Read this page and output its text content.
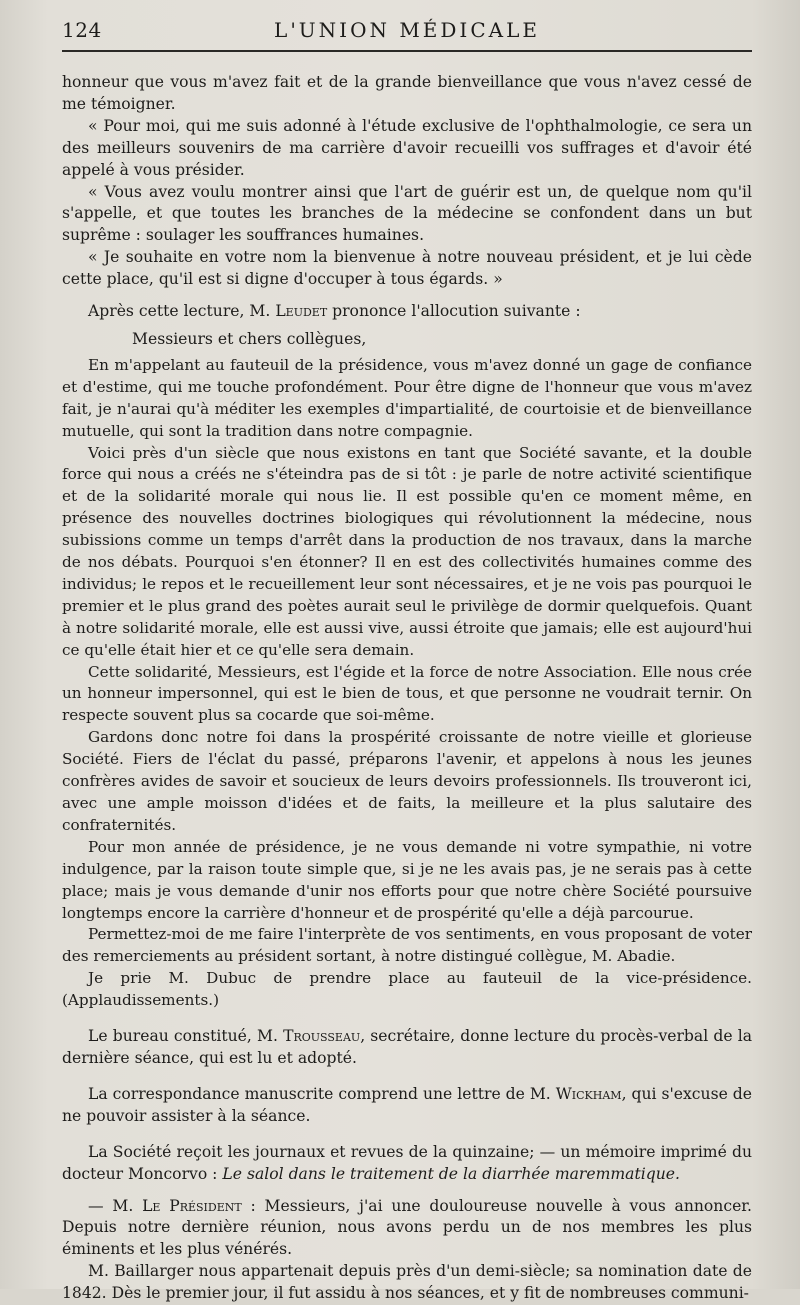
124	L'UNION MÉDICALE

honneur que vous m'avez fait et de la grande bienveillance que vous n'avez cessé de me témoigner.

« Pour moi, qui me suis adonné à l'étude exclusive de l'ophthalmologie, ce sera un des meilleurs souvenirs de ma carrière d'avoir recueilli vos suffrages et d'avoir été appelé à vous présider.

« Vous avez voulu montrer ainsi que l'art de guérir est un, de quelque nom qu'il s'appelle, et que toutes les branches de la médecine se confondent dans un but suprême : soulager les souffrances humaines.

« Je souhaite en votre nom la bienvenue à notre nouveau président, et je lui cède cette place, qu'il est si digne d'occuper à tous égards. »

Après cette lecture, M. Leudet prononce l'allocution suivante :

Messieurs et chers collègues,

En m'appelant au fauteuil de la présidence, vous m'avez donné un gage de confiance et d'estime, qui me touche profondément. Pour être digne de l'honneur que vous m'avez fait, je n'aurai qu'à méditer les exemples d'impartialité, de courtoisie et de bienveillance mutuelle, qui sont la tradition dans notre compagnie.

Voici près d'un siècle que nous existons en tant que Société savante, et la double force qui nous a créés ne s'éteindra pas de si tôt : je parle de notre activité scientifique et de la solidarité morale qui nous lie. Il est possible qu'en ce moment même, en présence des nouvelles doctrines biologiques qui révolutionnent la médecine, nous subissions comme un temps d'arrêt dans la production de nos travaux, dans la marche de nos débats. Pourquoi s'en étonner? Il en est des collectivités humaines comme des individus; le repos et le recueillement leur sont nécessaires, et je ne vois pas pourquoi le premier et le plus grand des poètes aurait seul le privilège de dormir quelquefois. Quant à notre solidarité morale, elle est aussi vive, aussi étroite que jamais; elle est aujourd'hui ce qu'elle était hier et ce qu'elle sera demain.

Cette solidarité, Messieurs, est l'égide et la force de notre Association. Elle nous crée un honneur impersonnel, qui est le bien de tous, et que personne ne voudrait ternir. On respecte souvent plus sa cocarde que soi-même.

Gardons donc notre foi dans la prospérité croissante de notre vieille et glorieuse Société. Fiers de l'éclat du passé, préparons l'avenir, et appelons à nous les jeunes confrères avides de savoir et soucieux de leurs devoirs professionnels. Ils trouveront ici, avec une ample moisson d'idées et de faits, la meilleure et la plus salutaire des confraternités.

Pour mon année de présidence, je ne vous demande ni votre sympathie, ni votre indulgence, par la raison toute simple que, si je ne les avais pas, je ne serais pas à cette place; mais je vous demande d'unir nos efforts pour que notre chère Société poursuive longtemps encore la carrière d'honneur et de prospérité qu'elle a déjà parcourue.

Permettez-moi de me faire l'interprète de vos sentiments, en vous proposant de voter des remerciements au président sortant, à notre distingué collègue, M. Abadie.

Je prie M. Dubuc de prendre place au fauteuil de la vice-présidence. (Applaudissements.)

Le bureau constitué, M. Trousseau, secrétaire, donne lecture du procès-verbal de la dernière séance, qui est lu et adopté.

La correspondance manuscrite comprend une lettre de M. Wickham, qui s'excuse de ne pouvoir assister à la séance.

La Société reçoit les journaux et revues de la quinzaine; — un mémoire imprimé du docteur Moncorvo : Le salol dans le traitement de la diarrhée maremmatique.

— M. Le Président : Messieurs, j'ai une douloureuse nouvelle à vous annoncer. Depuis notre dernière réunion, nous avons perdu un de nos membres les plus éminents et les plus vénérés.

M. Baillarger nous appartenait depuis près d'un demi-siècle; sa nomination date de 1842. Dès le premier jour, il fut assidu à nos séances, et y fit de nombreuses communi-
